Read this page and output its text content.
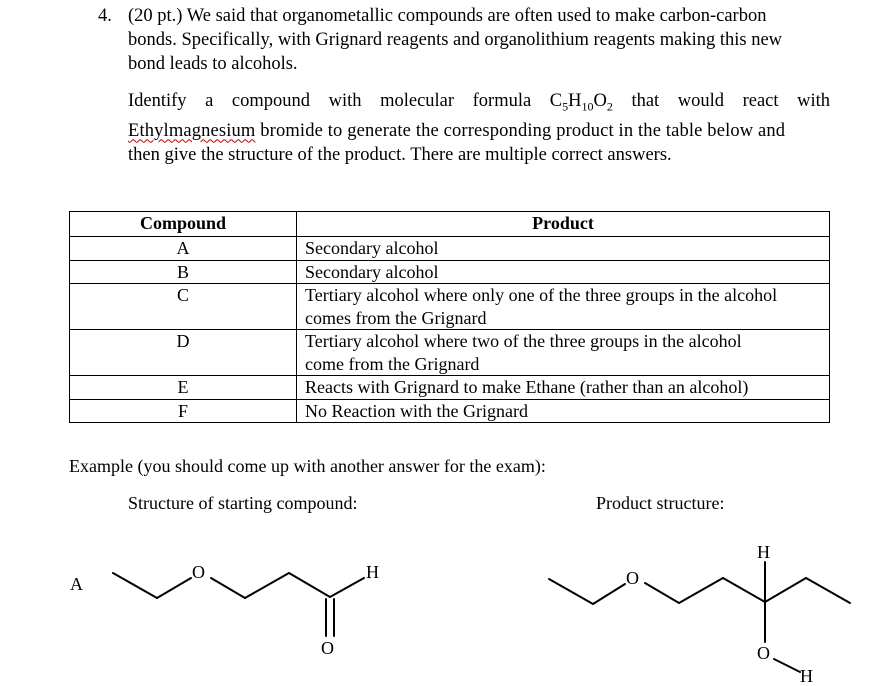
4. (20 pt.) We said that organometallic compounds are often used to make carbon-carbon
bonds. Specifically, with Grignard reagents and organolithium reagents making this new
bond leads to alcohols.
Identify a compound with molecular formula $C_5H_{10}O_2$ that would react with
Ethylmagnesium bromide to generate the corresponding product in the table below and
then give the structure of the product. There are multiple correct answers.
Compound	Product
A	Secondary alcohol
B	Secondary alcohol
C	Tertiary alcohol where only one of the three groups in the alcohol
comes from the Grignard
D	Tertiary alcohol where two of the three groups in the alcohol
come from the Grignard
E	Reacts with Grignard to make Ethane (rather than an alcohol)
F	No Reaction with the Grignard
Example (you should come up with another answer for the exam):
Structure of starting compound:	Product structure:
A
O	H
O
O
H
O
H
